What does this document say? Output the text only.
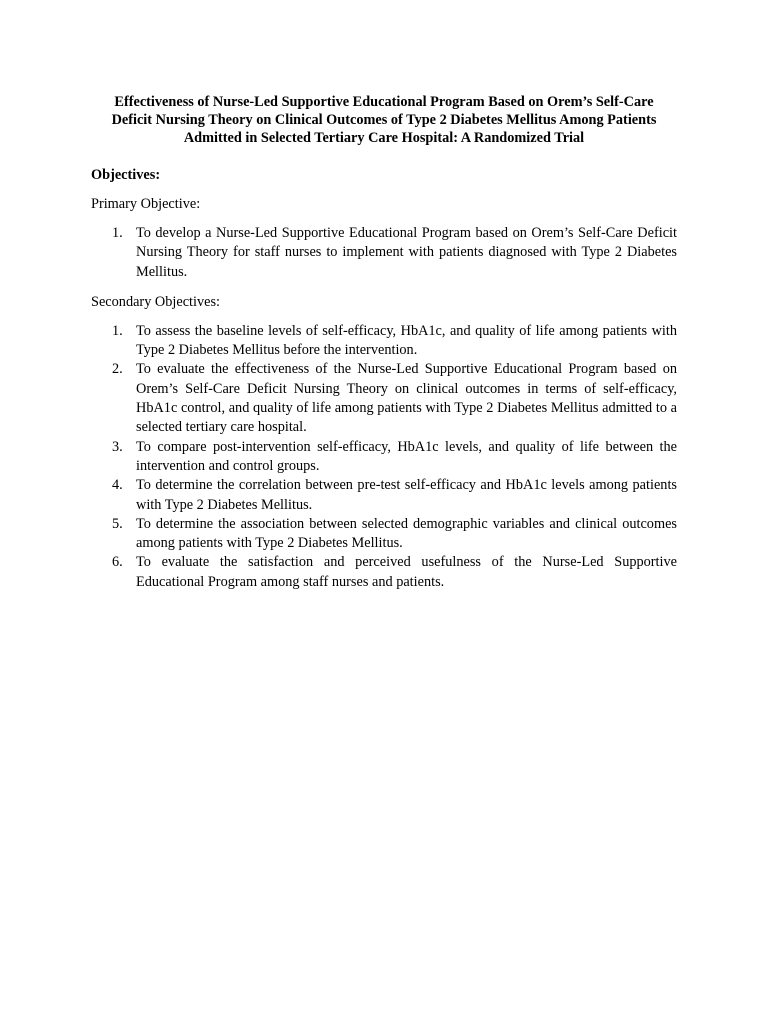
Effectiveness of Nurse-Led Supportive Educational Program Based on Orem’s Self-Care
Deficit Nursing Theory on Clinical Outcomes of Type 2 Diabetes Mellitus Among Patients
Admitted in Selected Tertiary Care Hospital: A Randomized Trial
Objectives:
Primary Objective:
1. To develop a Nurse-Led Supportive Educational Program based on Orem’s Self-Care Deficit Nursing Theory for staff nurses to implement with patients diagnosed with Type 2 Diabetes Mellitus.
Secondary Objectives:
1. To assess the baseline levels of self-efficacy, HbA1c, and quality of life among patients with Type 2 Diabetes Mellitus before the intervention.
2. To evaluate the effectiveness of the Nurse-Led Supportive Educational Program based on Orem’s Self-Care Deficit Nursing Theory on clinical outcomes in terms of self-efficacy, HbA1c control, and quality of life among patients with Type 2 Diabetes Mellitus admitted to a selected tertiary care hospital.
3. To compare post-intervention self-efficacy, HbA1c levels, and quality of life between the intervention and control groups.
4. To determine the correlation between pre-test self-efficacy and HbA1c levels among patients with Type 2 Diabetes Mellitus.
5. To determine the association between selected demographic variables and clinical outcomes among patients with Type 2 Diabetes Mellitus.
6. To evaluate the satisfaction and perceived usefulness of the Nurse-Led Supportive Educational Program among staff nurses and patients.
